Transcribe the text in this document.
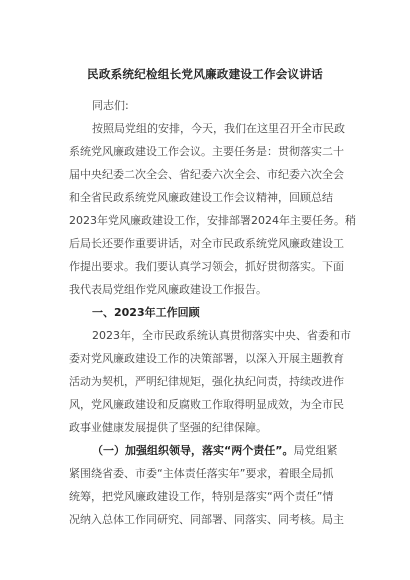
民政系统纪检组长党风廉政建设工作会议讲话
同志们:
按照局党组的安排，今天，我们在这里召开全市民政
系统党风廉政建设工作会议。主要任务是：贯彻落实二十
届中央纪委二次全会、省纪委六次全会、市纪委六次全会
和全省民政系统党风廉政建设工作会议精神，回顾总结
2023年党风廉政建设工作，安排部署2024年主要任务。稍
后局长还要作重要讲话，对全市民政系统党风廉政建设工
作提出要求。我们要认真学习领会，抓好贯彻落实。下面
我代表局党组作党风廉政建设工作报告。
一、2023年工作回顾
2023年，全市民政系统认真贯彻落实中央、省委和市
委对党风廉政建设工作的决策部署，以深入开展主题教育
活动为契机，严明纪律规矩，强化执纪问责，持续改进作
风，党风廉政建设和反腐败工作取得明显成效，为全市民
政事业健康发展提供了坚强的纪律保障。
（一）加强组织领导，落实“两个责任”。局党组紧
紧围绕省委、市委“主体责任落实年”要求，着眼全局抓
统筹，把党风廉政建设工作，特别是落实“两个责任”情
况纳入总体工作同研究、同部署、同落实、同考核。局主
